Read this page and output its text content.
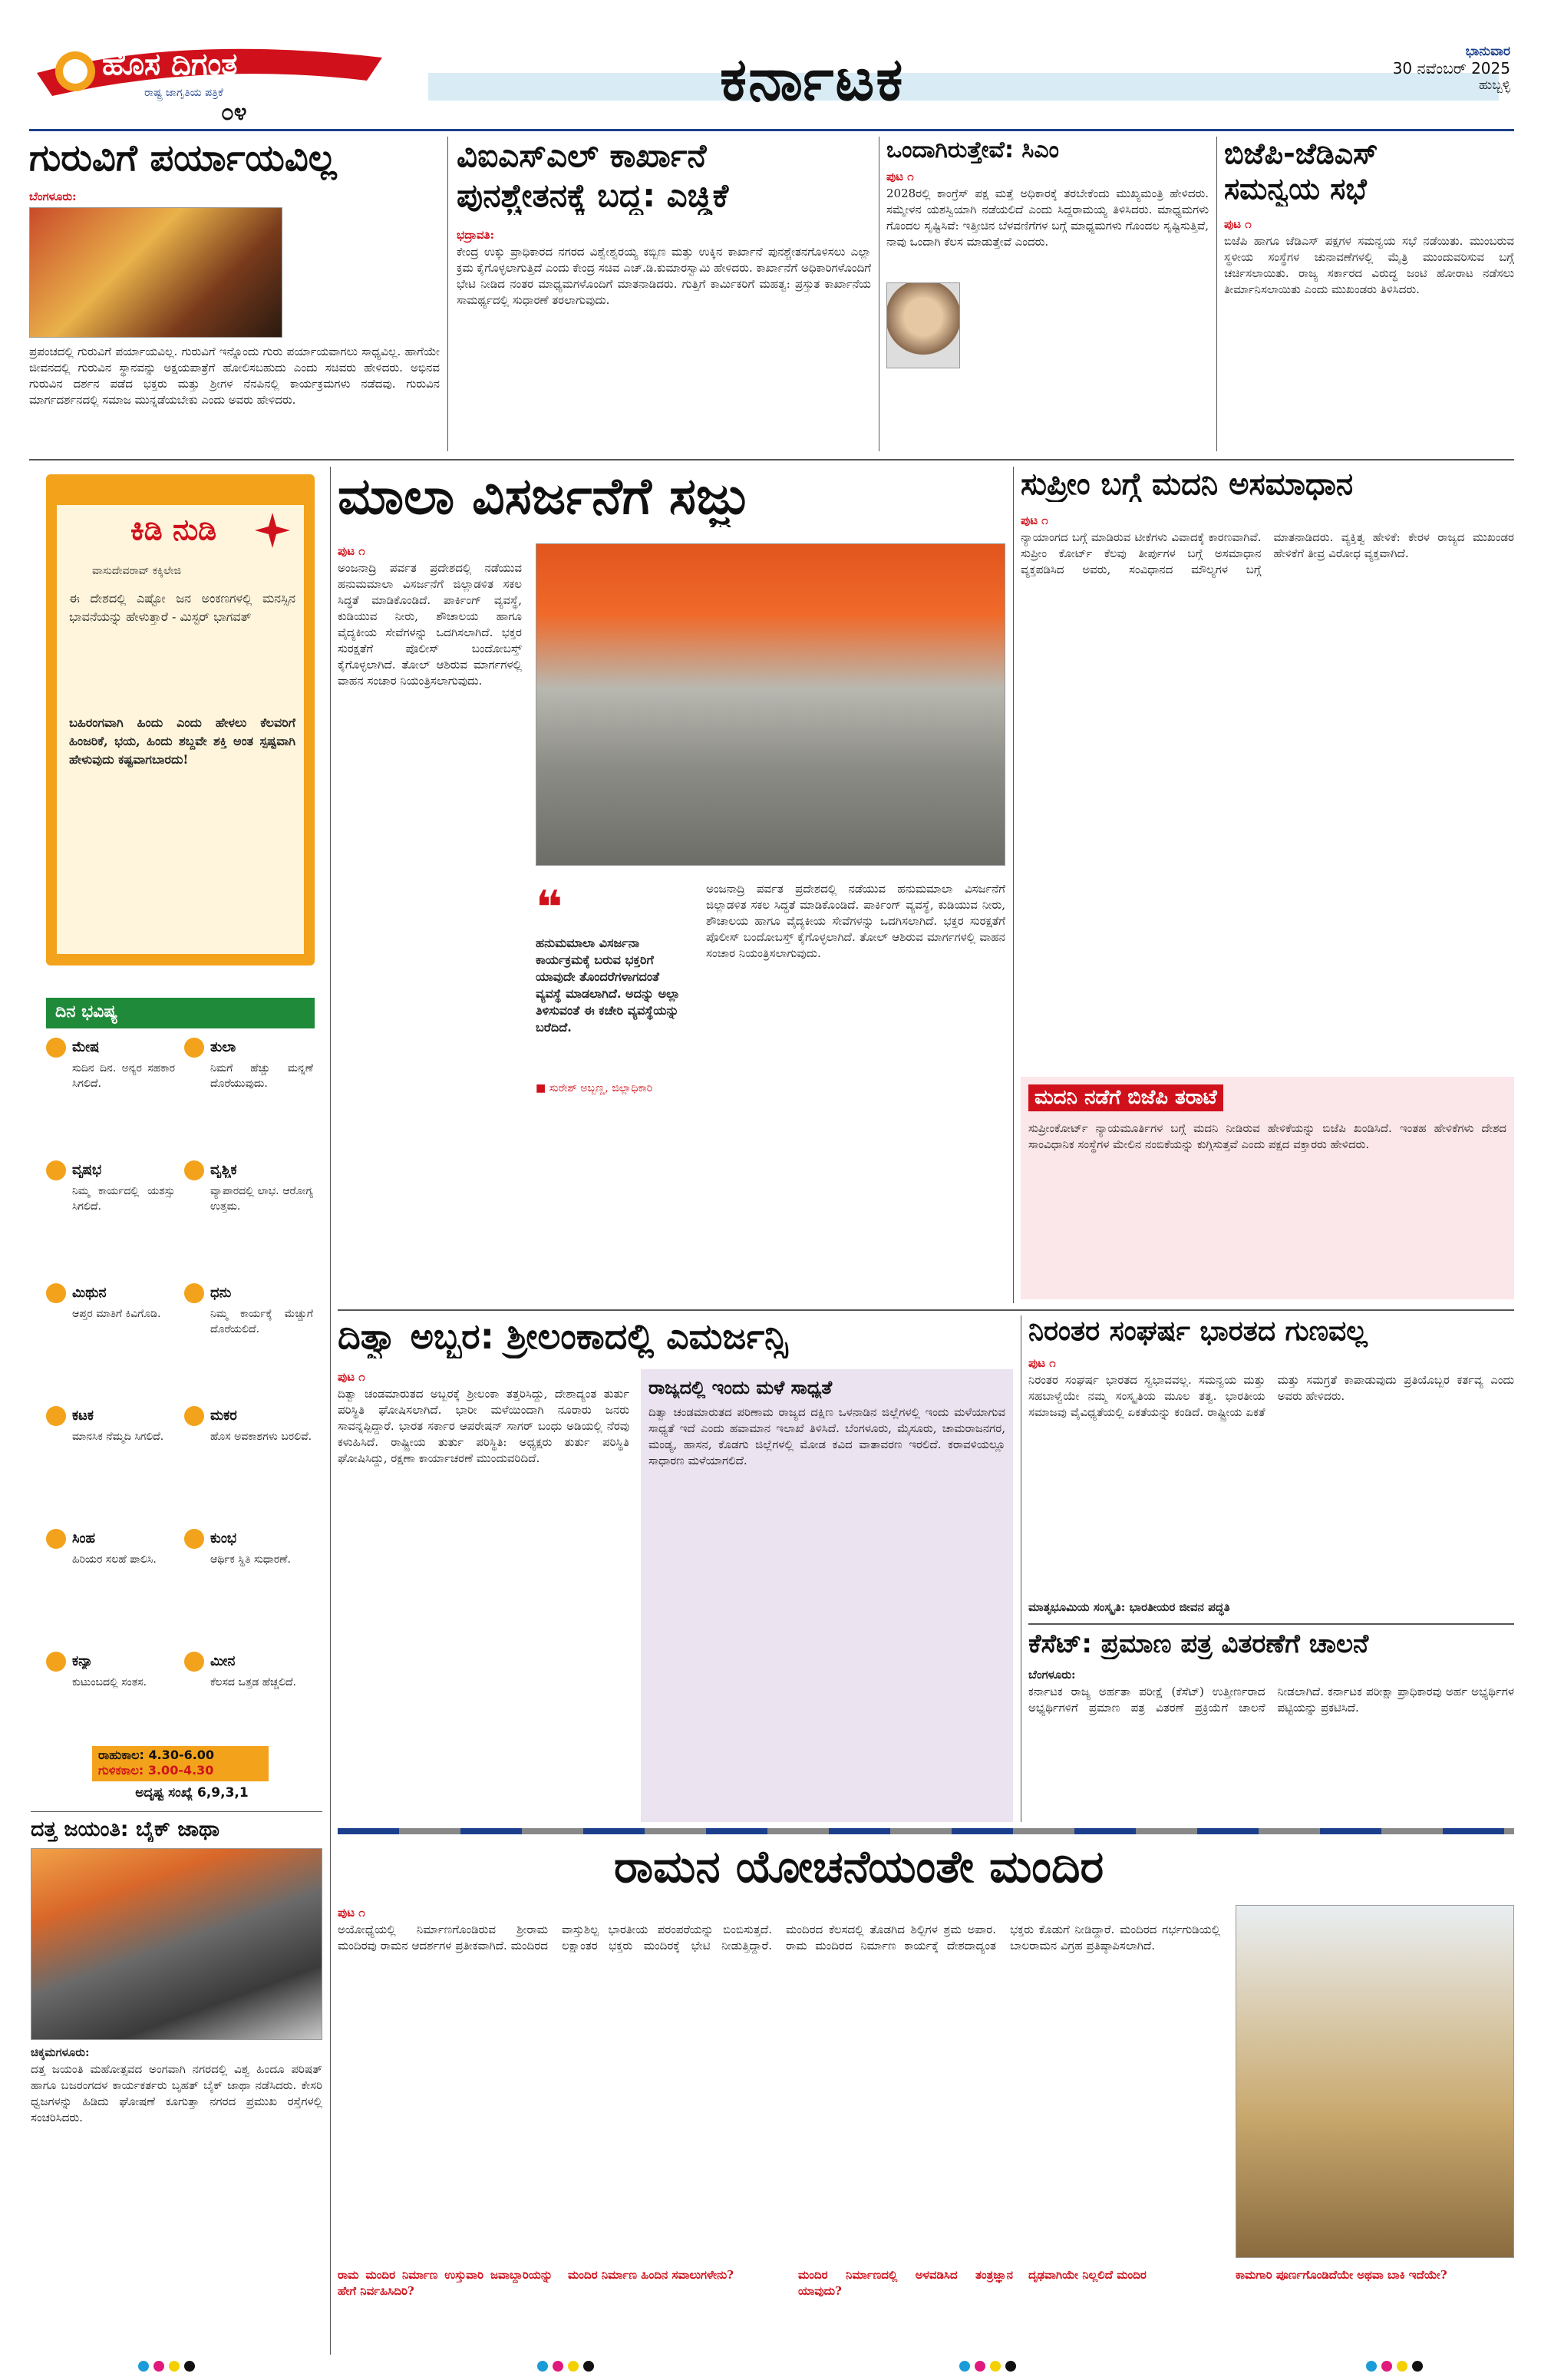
ಹೊಸ ದಿಗಂತ
ರಾಷ್ಟ್ರ ಜಾಗೃತಿಯ ಪತ್ರಿಕೆ
೦೪	ಕರ್ನಾಟಕ	ಭಾನುವಾರ
30 ನವೆಂಬರ್ 2025
ಹುಬ್ಬಳ್ಳಿ
ಗುರುವಿಗೆ ಪರ್ಯಾಯವಿಲ್ಲ
ಬೆಂಗಳೂರು:
ಪ್ರಪಂಚದಲ್ಲಿ ಗುರುವಿಗೆ ಪರ್ಯಾಯವಿಲ್ಲ. ಗುರುವಿಗೆ ಇನ್ನೊಂದು ಗುರು ಪರ್ಯಾಯವಾಗಲು ಸಾಧ್ಯವಿಲ್ಲ. ಹಾಗೆಯೇ ಜೀವನದಲ್ಲಿ ಗುರುವಿನ ಸ್ಥಾನವನ್ನು ಅಕ್ಷಯಪಾತ್ರೆಗೆ ಹೋಲಿಸಬಹುದು ಎಂದು ಸಚಿವರು ಹೇಳಿದರು. ಅಭಿನವ ಗುರುವಿನ ದರ್ಶನ ಪಡೆದ ಭಕ್ತರು ಮತ್ತು ಶ್ರೀಗಳ ನೆನಪಿನಲ್ಲಿ ಕಾರ್ಯಕ್ರಮಗಳು ನಡೆದವು. ಗುರುವಿನ ಮಾರ್ಗದರ್ಶನದಲ್ಲಿ ಸಮಾಜ ಮುನ್ನಡೆಯಬೇಕು ಎಂದು ಅವರು ಹೇಳಿದರು.
ವಿಐಎಸ್‌ಎಲ್ ಕಾರ್ಖಾನೆ
ಪುನಶ್ಚೇತನಕ್ಕೆ ಬದ್ಧ: ಎಚ್ಡಿಕೆ
ಭದ್ರಾವತಿ:
ಕೇಂದ್ರ ಉಕ್ಕು ಪ್ರಾಧಿಕಾರದ ನಗರದ ವಿಶ್ವೇಶ್ವರಯ್ಯ ಕಬ್ಬಿಣ ಮತ್ತು ಉಕ್ಕಿನ ಕಾರ್ಖಾನೆ ಪುನಶ್ಚೇತನಗೊಳಿಸಲು ಎಲ್ಲಾ ಕ್ರಮ ಕೈಗೊಳ್ಳಲಾಗುತ್ತಿದೆ ಎಂದು ಕೇಂದ್ರ ಸಚಿವ ಎಚ್.ಡಿ.ಕುಮಾರಸ್ವಾಮಿ ಹೇಳಿದರು. ಕಾರ್ಖಾನೆಗೆ ಅಧಿಕಾರಿಗಳೊಂದಿಗೆ ಭೇಟಿ ನೀಡಿದ ನಂತರ ಮಾಧ್ಯಮಗಳೊಂದಿಗೆ ಮಾತನಾಡಿದರು. ಗುತ್ತಿಗೆ ಕಾರ್ಮಿಕರಿಗೆ ಮಹತ್ವ: ಪ್ರಸ್ತುತ ಕಾರ್ಖಾನೆಯ ಸಾಮರ್ಥ್ಯದಲ್ಲಿ ಸುಧಾರಣೆ ತರಲಾಗುವುದು.
ಒಂದಾಗಿರುತ್ತೇವೆ: ಸಿಎಂ
ಪುಟ ೧
2028ರಲ್ಲಿ ಕಾಂಗ್ರೆಸ್ ಪಕ್ಷ ಮತ್ತೆ ಅಧಿಕಾರಕ್ಕೆ ತರಬೇಕೆಂದು ಮುಖ್ಯಮಂತ್ರಿ ಹೇಳಿದರು. ಸಮ್ಮೇಳನ ಯಶಸ್ವಿಯಾಗಿ ನಡೆಯಲಿದೆ ಎಂದು ಸಿದ್ದರಾಮಯ್ಯ ತಿಳಿಸಿದರು. ಮಾಧ್ಯಮಗಳು ಗೊಂದಲ ಸೃಷ್ಟಿಸಿವೆ: ಇತ್ತೀಚಿನ ಬೆಳವಣಿಗೆಗಳ ಬಗ್ಗೆ ಮಾಧ್ಯಮಗಳು ಗೊಂದಲ ಸೃಷ್ಟಿಸುತ್ತಿವೆ, ನಾವು ಒಂದಾಗಿ ಕೆಲಸ ಮಾಡುತ್ತೇವೆ ಎಂದರು.
ಬಿಜೆಪಿ-ಜೆಡಿಎಸ್
ಸಮನ್ವಯ ಸಭೆ
ಪುಟ ೧
ಬಿಜೆಪಿ ಹಾಗೂ ಜೆಡಿಎಸ್ ಪಕ್ಷಗಳ ಸಮನ್ವಯ ಸಭೆ ನಡೆಯಿತು. ಮುಂಬರುವ ಸ್ಥಳೀಯ ಸಂಸ್ಥೆಗಳ ಚುನಾವಣೆಗಳಲ್ಲಿ ಮೈತ್ರಿ ಮುಂದುವರಿಸುವ ಬಗ್ಗೆ ಚರ್ಚಿಸಲಾಯಿತು. ರಾಜ್ಯ ಸರ್ಕಾರದ ವಿರುದ್ಧ ಜಂಟಿ ಹೋರಾಟ ನಡೆಸಲು ತೀರ್ಮಾನಿಸಲಾಯಿತು ಎಂದು ಮುಖಂಡರು ತಿಳಿಸಿದರು.
ಕಿಡಿ ನುಡಿ
ವಾಸುದೇವರಾವ್ ಕಕ್ಕಿಲೇಜಿ
ಈ ದೇಶದಲ್ಲಿ ಎಷ್ಟೋ ಜನ ಅಂಕಣಗಳಲ್ಲಿ ಮನಸ್ಸಿನ ಭಾವನೆಯನ್ನು ಹೇಳುತ್ತಾರೆ - ಮಿಸ್ಟರ್ ಭಾಗವತ್
ಬಹಿರಂಗವಾಗಿ ಹಿಂದು ಎಂದು ಹೇಳಲು ಕೆಲವರಿಗೆ ಹಿಂಜರಿಕೆ, ಭಯ, ಹಿಂದು ಶಬ್ದವೇ ಶಕ್ತಿ ಅಂತ ಸ್ಪಷ್ಟವಾಗಿ ಹೇಳುವುದು ಕಷ್ಟವಾಗಬಾರದು!
ದಿನ ಭವಿಷ್ಯ
ಮೇಷ
ಸುದಿನ ದಿನ. ಅನ್ಯರ ಸಹಕಾರ ಸಿಗಲಿದೆ.
ತುಲಾ
ನಿಮಗೆ ಹೆಚ್ಚು ಮನ್ನಣೆ ದೊರೆಯುವುದು.
ವೃಷಭ
ನಿಮ್ಮ ಕಾರ್ಯದಲ್ಲಿ ಯಶಸ್ಸು ಸಿಗಲಿದೆ.
ವೃಶ್ಚಿಕ
ವ್ಯಾಪಾರದಲ್ಲಿ ಲಾಭ. ಆರೋಗ್ಯ ಉತ್ತಮ.
ಮಿಥುನ
ಆಪ್ತರ ಮಾತಿಗೆ ಕಿವಿಗೊಡಿ.
ಧನು
ನಿಮ್ಮ ಕಾರ್ಯಕ್ಕೆ ಮೆಚ್ಚುಗೆ ದೊರೆಯಲಿದೆ.
ಕಟಕ
ಮಾನಸಿಕ ನೆಮ್ಮದಿ ಸಿಗಲಿದೆ.
ಮಕರ
ಹೊಸ ಅವಕಾಶಗಳು ಬರಲಿವೆ.
ಸಿಂಹ
ಹಿರಿಯರ ಸಲಹೆ ಪಾಲಿಸಿ.
ಕುಂಭ
ಆರ್ಥಿಕ ಸ್ಥಿತಿ ಸುಧಾರಣೆ.
ಕನ್ಯಾ
ಕುಟುಂಬದಲ್ಲಿ ಸಂತಸ.
ಮೀನ
ಕೆಲಸದ ಒತ್ತಡ ಹೆಚ್ಚಲಿದೆ.
ರಾಹುಕಾಲ: 4.30-6.00
ಗುಳಿಕಕಾಲ: 3.00-4.30
ಅದೃಷ್ಟ ಸಂಖ್ಯೆ 6,9,3,1
ದತ್ತ ಜಯಂತಿ: ಬೈಕ್ ಜಾಥಾ
ಚಿಕ್ಕಮಗಳೂರು:
ದತ್ತ ಜಯಂತಿ ಮಹೋತ್ಸವದ ಅಂಗವಾಗಿ ನಗರದಲ್ಲಿ ವಿಶ್ವ ಹಿಂದೂ ಪರಿಷತ್ ಹಾಗೂ ಬಜರಂಗದಳ ಕಾರ್ಯಕರ್ತರು ಬೃಹತ್ ಬೈಕ್ ಜಾಥಾ ನಡೆಸಿದರು. ಕೇಸರಿ ಧ್ವಜಗಳನ್ನು ಹಿಡಿದು ಘೋಷಣೆ ಕೂಗುತ್ತಾ ನಗರದ ಪ್ರಮುಖ ರಸ್ತೆಗಳಲ್ಲಿ ಸಂಚರಿಸಿದರು.
ಮಾಲಾ ವಿಸರ್ಜನೆಗೆ ಸಜ್ಜು
ಪುಟ ೧
ಅಂಜನಾದ್ರಿ ಪರ್ವತ ಪ್ರದೇಶದಲ್ಲಿ ನಡೆಯುವ ಹನುಮಮಾಲಾ ವಿಸರ್ಜನೆಗೆ ಜಿಲ್ಲಾಡಳಿತ ಸಕಲ ಸಿದ್ಧತೆ ಮಾಡಿಕೊಂಡಿದೆ. ಪಾರ್ಕಿಂಗ್ ವ್ಯವಸ್ಥೆ, ಕುಡಿಯುವ ನೀರು, ಶೌಚಾಲಯ ಹಾಗೂ ವೈದ್ಯಕೀಯ ಸೇವೆಗಳನ್ನು ಒದಗಿಸಲಾಗಿದೆ. ಭಕ್ತರ ಸುರಕ್ಷತೆಗೆ ಪೊಲೀಸ್ ಬಂದೋಬಸ್ತ್ ಕೈಗೊಳ್ಳಲಾಗಿದೆ. ತೋಲ್ ಆಶಿರುವ ಮಾರ್ಗಗಳಲ್ಲಿ ವಾಹನ ಸಂಚಾರ ನಿಯಂತ್ರಿಸಲಾಗುವುದು.
❝
ಹನುಮಮಾಲಾ ವಿಸರ್ಜನಾ ಕಾರ್ಯಕ್ರಮಕ್ಕೆ ಬರುವ ಭಕ್ತರಿಗೆ ಯಾವುದೇ ತೊಂದರೆಗಳಾಗದಂತೆ ವ್ಯವಸ್ಥೆ ಮಾಡಲಾಗಿದೆ. ಅದನ್ನು ಅಲ್ಲಾ ತಿಳಿಸುವಂತೆ ಈ ಕಚೇರಿ ವ್ಯವಸ್ಥೆಯನ್ನು ಬರೆದಿದೆ.
■ ಸುರೇಶ್ ಅಬ್ಬಣ್ಣ, ಜಿಲ್ಲಾಧಿಕಾರಿ
ಅಂಜನಾದ್ರಿ ಪರ್ವತ ಪ್ರದೇಶದಲ್ಲಿ ನಡೆಯುವ ಹನುಮಮಾಲಾ ವಿಸರ್ಜನೆಗೆ ಜಿಲ್ಲಾಡಳಿತ ಸಕಲ ಸಿದ್ಧತೆ ಮಾಡಿಕೊಂಡಿದೆ. ಪಾರ್ಕಿಂಗ್ ವ್ಯವಸ್ಥೆ, ಕುಡಿಯುವ ನೀರು, ಶೌಚಾಲಯ ಹಾಗೂ ವೈದ್ಯಕೀಯ ಸೇವೆಗಳನ್ನು ಒದಗಿಸಲಾಗಿದೆ. ಭಕ್ತರ ಸುರಕ್ಷತೆಗೆ ಪೊಲೀಸ್ ಬಂದೋಬಸ್ತ್ ಕೈಗೊಳ್ಳಲಾಗಿದೆ. ತೋಲ್ ಆಶಿರುವ ಮಾರ್ಗಗಳಲ್ಲಿ ವಾಹನ ಸಂಚಾರ ನಿಯಂತ್ರಿಸಲಾಗುವುದು.
ಸುಪ್ರೀಂ ಬಗ್ಗೆ ಮದನಿ ಅಸಮಾಧಾನ
ಪುಟ ೧
ನ್ಯಾಯಾಂಗದ ಬಗ್ಗೆ ಮಾಡಿರುವ ಟೀಕೆಗಳು ವಿವಾದಕ್ಕೆ ಕಾರಣವಾಗಿವೆ. ಸುಪ್ರೀಂ ಕೋರ್ಟ್ ಕೆಲವು ತೀರ್ಪುಗಳ ಬಗ್ಗೆ ಅಸಮಾಧಾನ ವ್ಯಕ್ತಪಡಿಸಿದ ಅವರು, ಸಂವಿಧಾನದ ಮೌಲ್ಯಗಳ ಬಗ್ಗೆ ಮಾತನಾಡಿದರು. ವ್ಯಕ್ತಿತ್ವ ಹೇಳಿಕೆ: ಕೇರಳ ರಾಜ್ಯದ ಮುಖಂಡರ ಹೇಳಿಕೆಗೆ ತೀವ್ರ ವಿರೋಧ ವ್ಯಕ್ತವಾಗಿದೆ.
ಮದನಿ ನಡೆಗೆ ಬಿಜೆಪಿ ತರಾಟೆ
ಸುಪ್ರೀಂಕೋರ್ಟ್ ನ್ಯಾಯಮೂರ್ತಿಗಳ ಬಗ್ಗೆ ಮದನಿ ನೀಡಿರುವ ಹೇಳಿಕೆಯನ್ನು ಬಿಜೆಪಿ ಖಂಡಿಸಿದೆ. ಇಂತಹ ಹೇಳಿಕೆಗಳು ದೇಶದ ಸಾಂವಿಧಾನಿಕ ಸಂಸ್ಥೆಗಳ ಮೇಲಿನ ನಂಬಿಕೆಯನ್ನು ಕುಗ್ಗಿಸುತ್ತವೆ ಎಂದು ಪಕ್ಷದ ವಕ್ತಾರರು ಹೇಳಿದರು.
ದಿತ್ವಾ ಅಬ್ಬರ: ಶ್ರೀಲಂಕಾದಲ್ಲಿ ಎಮರ್ಜನ್ಸಿ
ಪುಟ ೧
ದಿತ್ವಾ ಚಂಡಮಾರುತದ ಅಬ್ಬರಕ್ಕೆ ಶ್ರೀಲಂಕಾ ತತ್ತರಿಸಿದ್ದು, ದೇಶಾದ್ಯಂತ ತುರ್ತು ಪರಿಸ್ಥಿತಿ ಘೋಷಿಸಲಾಗಿದೆ. ಭಾರೀ ಮಳೆಯಿಂದಾಗಿ ನೂರಾರು ಜನರು ಸಾವನ್ನಪ್ಪಿದ್ದಾರೆ. ಭಾರತ ಸರ್ಕಾರ ಆಪರೇಷನ್ ಸಾಗರ್ ಬಂಧು ಅಡಿಯಲ್ಲಿ ನೆರವು ಕಳುಹಿಸಿದೆ. ರಾಷ್ಟ್ರೀಯ ತುರ್ತು ಪರಿಸ್ಥಿತಿ: ಅಧ್ಯಕ್ಷರು ತುರ್ತು ಪರಿಸ್ಥಿತಿ ಘೋಷಿಸಿದ್ದು, ರಕ್ಷಣಾ ಕಾರ್ಯಾಚರಣೆ ಮುಂದುವರಿದಿದೆ.
ರಾಜ್ಯದಲ್ಲಿ ಇಂದು ಮಳೆ ಸಾಧ್ಯತೆ
ದಿತ್ವಾ ಚಂಡಮಾರುತದ ಪರಿಣಾಮ ರಾಜ್ಯದ ದಕ್ಷಿಣ ಒಳನಾಡಿನ ಜಿಲ್ಲೆಗಳಲ್ಲಿ ಇಂದು ಮಳೆಯಾಗುವ ಸಾಧ್ಯತೆ ಇದೆ ಎಂದು ಹವಾಮಾನ ಇಲಾಖೆ ತಿಳಿಸಿದೆ. ಬೆಂಗಳೂರು, ಮೈಸೂರು, ಚಾಮರಾಜನಗರ, ಮಂಡ್ಯ, ಹಾಸನ, ಕೊಡಗು ಜಿಲ್ಲೆಗಳಲ್ಲಿ ಮೋಡ ಕವಿದ ವಾತಾವರಣ ಇರಲಿದೆ. ಕರಾವಳಿಯಲ್ಲೂ ಸಾಧಾರಣ ಮಳೆಯಾಗಲಿದೆ.
ನಿರಂತರ ಸಂಘರ್ಷ ಭಾರತದ ಗುಣವಲ್ಲ
ಪುಟ ೧
ನಿರಂತರ ಸಂಘರ್ಷ ಭಾರತದ ಸ್ವಭಾವವಲ್ಲ. ಸಮನ್ವಯ ಮತ್ತು ಸಹಬಾಳ್ವೆಯೇ ನಮ್ಮ ಸಂಸ್ಕೃತಿಯ ಮೂಲ ತತ್ವ. ಭಾರತೀಯ ಸಮಾಜವು ವೈವಿಧ್ಯತೆಯಲ್ಲಿ ಏಕತೆಯನ್ನು ಕಂಡಿದೆ. ರಾಷ್ಟ್ರೀಯ ಏಕತೆ ಮತ್ತು ಸಮಗ್ರತೆ ಕಾಪಾಡುವುದು ಪ್ರತಿಯೊಬ್ಬರ ಕರ್ತವ್ಯ ಎಂದು ಅವರು ಹೇಳಿದರು.
ಮಾತೃಭೂಮಿಯ ಸಂಸ್ಕೃತಿ: ಭಾರತೀಯರ ಜೀವನ ಪದ್ಧತಿ
ಕೆಸೆಟ್: ಪ್ರಮಾಣ ಪತ್ರ ವಿತರಣೆಗೆ ಚಾಲನೆ
ಬೆಂಗಳೂರು:
ಕರ್ನಾಟಕ ರಾಜ್ಯ ಅರ್ಹತಾ ಪರೀಕ್ಷೆ (ಕೆಸೆಟ್) ಉತ್ತೀರ್ಣರಾದ ಅಭ್ಯರ್ಥಿಗಳಿಗೆ ಪ್ರಮಾಣ ಪತ್ರ ವಿತರಣೆ ಪ್ರಕ್ರಿಯೆಗೆ ಚಾಲನೆ ನೀಡಲಾಗಿದೆ. ಕರ್ನಾಟಕ ಪರೀಕ್ಷಾ ಪ್ರಾಧಿಕಾರವು ಅರ್ಹ ಅಭ್ಯರ್ಥಿಗಳ ಪಟ್ಟಿಯನ್ನು ಪ್ರಕಟಿಸಿದೆ.
ರಾಮನ ಯೋಚನೆಯಂತೇ ಮಂದಿರ
ಪುಟ ೧
ಅಯೋಧ್ಯೆಯಲ್ಲಿ ನಿರ್ಮಾಣಗೊಂಡಿರುವ ಶ್ರೀರಾಮ ಮಂದಿರವು ರಾಮನ ಆದರ್ಶಗಳ ಪ್ರತೀಕವಾಗಿದೆ. ಮಂದಿರದ ವಾಸ್ತುಶಿಲ್ಪ ಭಾರತೀಯ ಪರಂಪರೆಯನ್ನು ಬಿಂಬಿಸುತ್ತದೆ. ಲಕ್ಷಾಂತರ ಭಕ್ತರು ಮಂದಿರಕ್ಕೆ ಭೇಟಿ ನೀಡುತ್ತಿದ್ದಾರೆ. ಮಂದಿರದ ಕೆಲಸದಲ್ಲಿ ತೊಡಗಿದ ಶಿಲ್ಪಿಗಳ ಶ್ರಮ ಅಪಾರ. ರಾಮ ಮಂದಿರದ ನಿರ್ಮಾಣ ಕಾರ್ಯಕ್ಕೆ ದೇಶದಾದ್ಯಂತ ಭಕ್ತರು ಕೊಡುಗೆ ನೀಡಿದ್ದಾರೆ. ಮಂದಿರದ ಗರ್ಭಗುಡಿಯಲ್ಲಿ ಬಾಲರಾಮನ ವಿಗ್ರಹ ಪ್ರತಿಷ್ಠಾಪಿಸಲಾಗಿದೆ.
ರಾಮ ಮಂದಿರ ನಿರ್ಮಾಣ ಉಸ್ತುವಾರಿ ಜವಾಬ್ದಾರಿಯನ್ನು ಹೇಗೆ ನಿರ್ವಹಿಸಿದಿರಿ?
ಮಂದಿರ ನಿರ್ಮಾಣ ಹಿಂದಿನ ಸವಾಲುಗಳೇನು?	ಮಂದಿರ ನಿರ್ಮಾಣದಲ್ಲಿ ಅಳವಡಿಸಿದ ತಂತ್ರಜ್ಞಾನ ಯಾವುದು?
ದೃಢವಾಗಿಯೇ ನಿಲ್ಲಲಿದೆ ಮಂದಿರ	ಕಾಮಗಾರಿ ಪೂರ್ಣಗೊಂಡಿದೆಯೇ ಅಥವಾ ಬಾಕಿ ಇದೆಯೇ?
